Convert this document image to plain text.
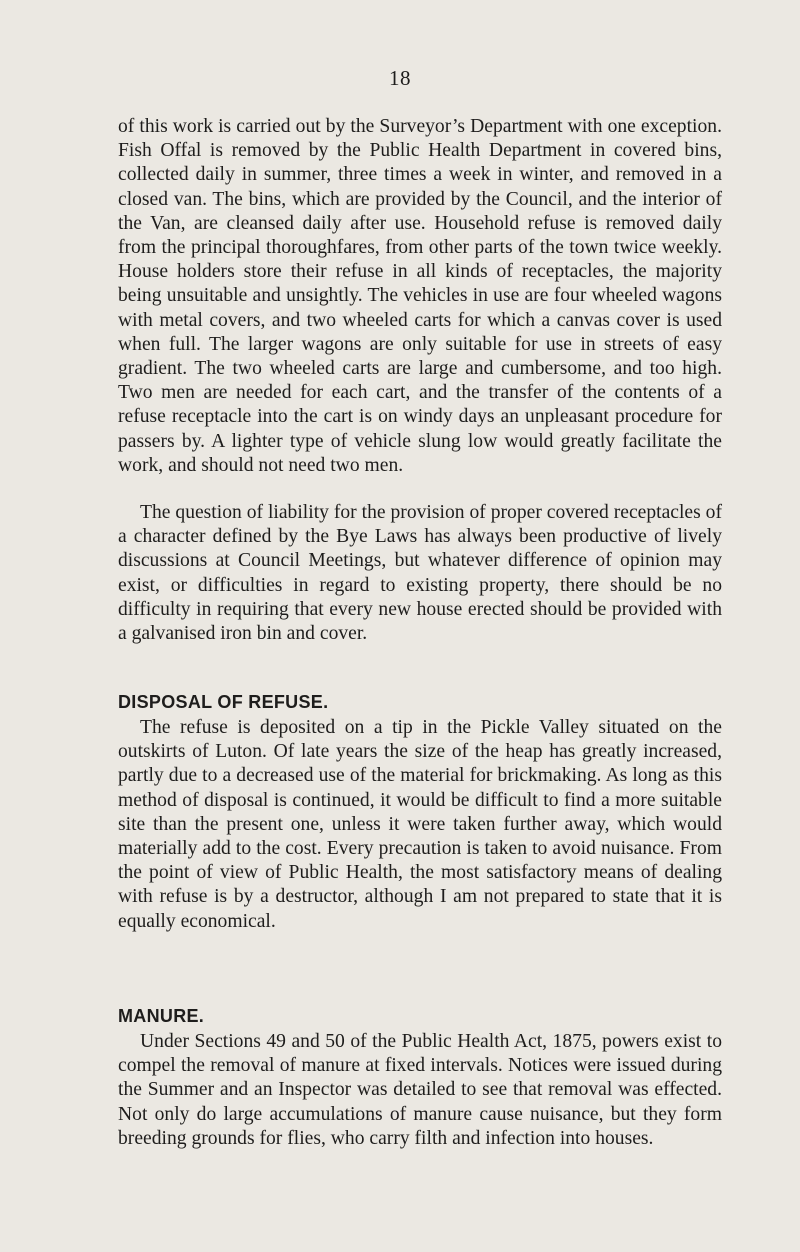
18

of this work is carried out by the Surveyor’s Department with one exception. Fish Offal is removed by the Public Health Department in covered bins, collected daily in summer, three times a week in winter, and removed in a closed van. The bins, which are provided by the Council, and the interior of the Van, are cleansed daily after use. Household refuse is removed daily from the principal thoroughfares, from other parts of the town twice weekly. House holders store their refuse in all kinds of receptacles, the majority being unsuitable and unsightly. The vehicles in use are four wheeled wagons with metal covers, and two wheeled carts for which a canvas cover is used when full. The larger wagons are only suitable for use in streets of easy gradient. The two wheeled carts are large and cumbersome, and too high. Two men are needed for each cart, and the transfer of the contents of a refuse receptacle into the cart is on windy days an unpleasant procedure for passers by. A lighter type of vehicle slung low would greatly facilitate the work, and should not need two men.

The question of liability for the provision of proper covered receptacles of a character defined by the Bye Laws has always been productive of lively discussions at Council Meetings, but whatever difference of opinion may exist, or difficulties in regard to existing property, there should be no difficulty in requiring that every new house erected should be provided with a galvanised iron bin and cover.

DISPOSAL OF REFUSE.

The refuse is deposited on a tip in the Pickle Valley situated on the outskirts of Luton. Of late years the size of the heap has greatly increased, partly due to a decreased use of the material for brickmaking. As long as this method of disposal is continued, it would be difficult to find a more suitable site than the present one, unless it were taken further away, which would materially add to the cost. Every precaution is taken to avoid nuisance. From the point of view of Public Health, the most satisfactory means of dealing with refuse is by a destructor, although I am not prepared to state that it is equally economical.

MANURE.

Under Sections 49 and 50 of the Public Health Act, 1875, powers exist to compel the removal of manure at fixed intervals. Notices were issued during the Summer and an Inspector was detailed to see that removal was effected. Not only do large accumulations of manure cause nuisance, but they form breeding grounds for flies, who carry filth and infection into houses.
